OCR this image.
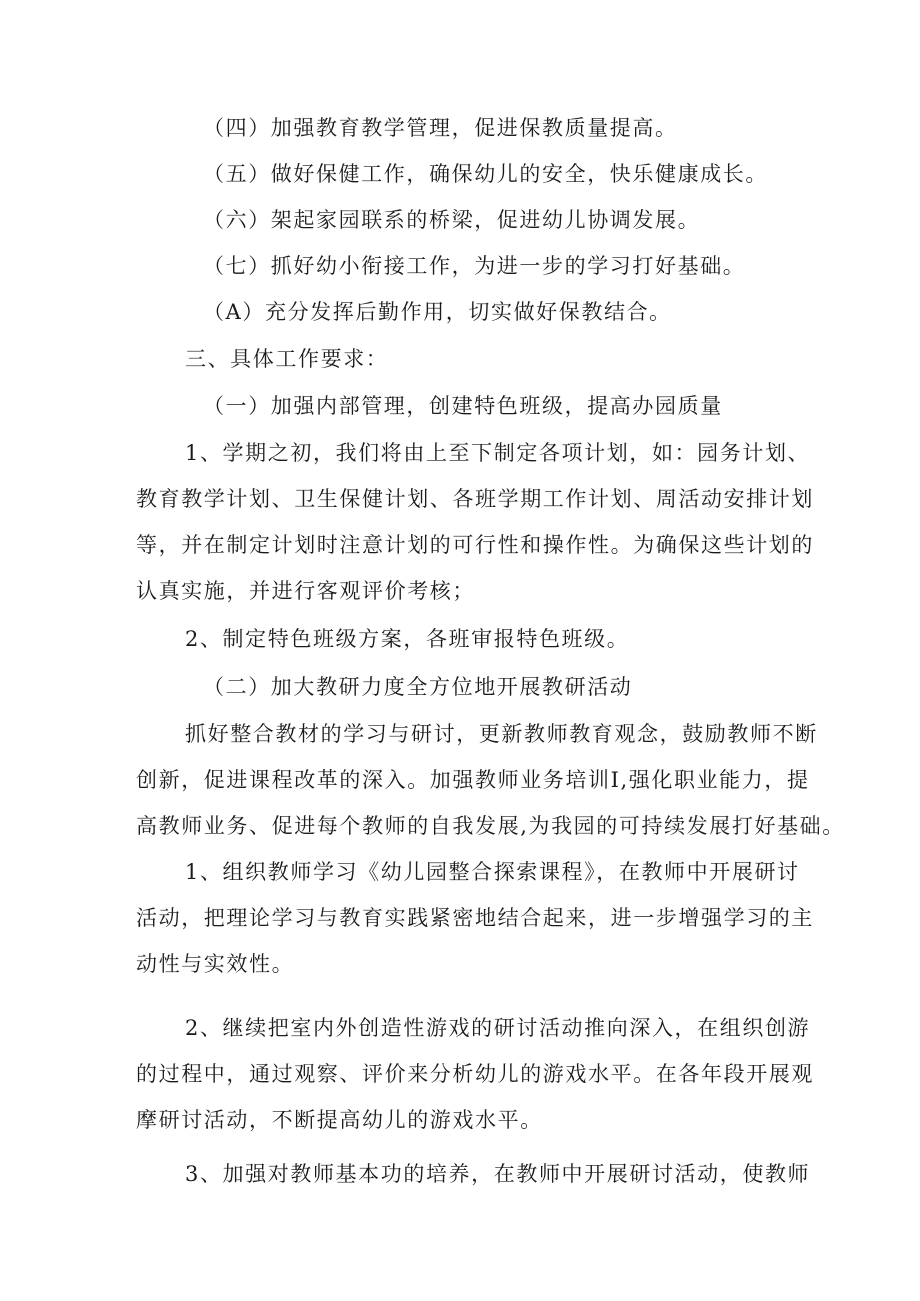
（四）加强教育教学管理，促进保教质量提高。
（五）做好保健工作，确保幼儿的安全，快乐健康成长。
（六）架起家园联系的桥梁，促进幼儿协调发展。
（七）抓好幼小衔接工作，为进一步的学习打好基础。
（A）充分发挥后勤作用，切实做好保教结合。
三、具体工作要求：
（一）加强内部管理，创建特色班级，提高办园质量
1、学期之初，我们将由上至下制定各项计划，如：园务计划、
教育教学计划、卫生保健计划、各班学期工作计划、周活动安排计划
等，并在制定计划时注意计划的可行性和操作性。为确保这些计划的
认真实施，并进行客观评价考核；
2、制定特色班级方案，各班审报特色班级。
（二）加大教研力度全方位地开展教研活动
抓好整合教材的学习与研讨，更新教师教育观念，鼓励教师不断
创新，促进课程改革的深入。加强教师业务培训I,强化职业能力，提
高教师业务、促进每个教师的自我发展,为我园的可持续发展打好基础。
1、组织教师学习《幼儿园整合探索课程》，在教师中开展研讨
活动，把理论学习与教育实践紧密地结合起来，进一步增强学习的主
动性与实效性。
2、继续把室内外创造性游戏的研讨活动推向深入，在组织创游
的过程中，通过观察、评价来分析幼儿的游戏水平。在各年段开展观
摩研讨活动，不断提高幼儿的游戏水平。
3、加强对教师基本功的培养，在教师中开展研讨活动，使教师
